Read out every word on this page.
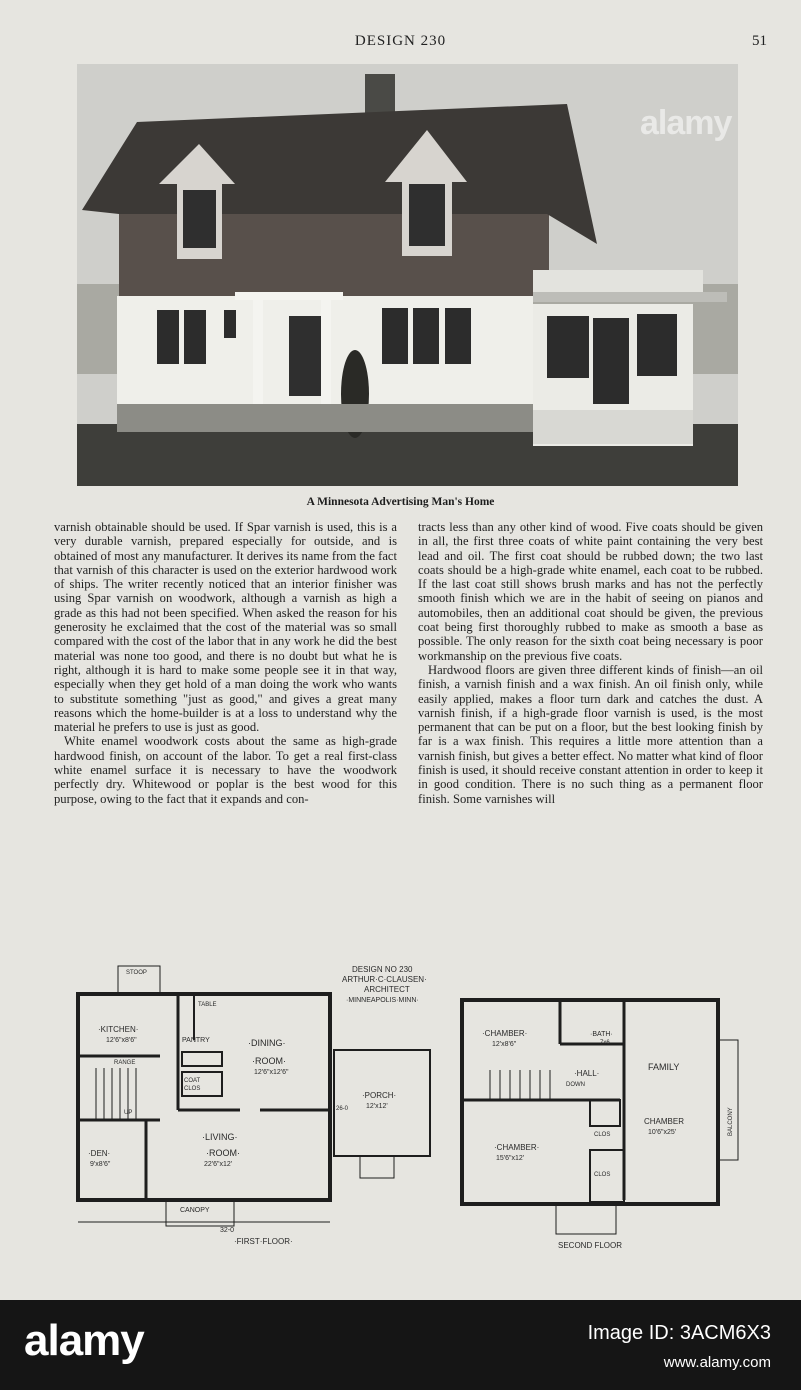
DESIGN 230	51
alamy
A Minnesota Advertising Man's Home

varnish obtainable should be used. If Spar varnish is used, this is a very durable varnish, prepared especially for outside, and is obtained of most any manufacturer. It derives its name from the fact that varnish of this character is used on the exterior hardwood work of ships. The writer recently noticed that an interior finisher was using Spar varnish on woodwork, although a varnish as high a grade as this had not been specified. When asked the reason for his generosity he exclaimed that the cost of the material was so small compared with the cost of the labor that in any work he did the best material was none too good, and there is no doubt but what he is right, although it is hard to make some people see it in that way, especially when they get hold of a man doing the work who wants to substitute something "just as good," and gives a great many reasons which the home-builder is at a loss to understand why the material he prefers to use is just as good.

White enamel woodwork costs about the same as high-grade hardwood finish, on account of the labor. To get a real first-class white enamel surface it is necessary to have the woodwork perfectly dry. Whitewood or poplar is the best wood for this purpose, owing to the fact that it expands and con-

tracts less than any other kind of wood. Five coats should be given in all, the first three coats of white paint containing the very best lead and oil. The first coat should be rubbed down; the two last coats should be a high-grade white enamel, each coat to be rubbed. If the last coat still shows brush marks and has not the perfectly smooth finish which we are in the habit of seeing on pianos and automobiles, then an additional coat should be given, the previous coat being first thoroughly rubbed to make as smooth a base as possible. The only reason for the sixth coat being necessary is poor workmanship on the previous five coats.

Hardwood floors are given three different kinds of finish—an oil finish, a varnish finish and a wax finish. An oil finish only, while easily applied, makes a floor turn dark and catches the dust. A varnish finish, if a high-grade floor varnish is used, is the most permanent that can be put on a floor, but the best looking finish by far is a wax finish. This requires a little more attention than a varnish finish, but gives a better effect. No matter what kind of floor finish is used, it should receive constant attention in order to keep it in good condition. There is no such thing as a permanent floor finish. Some varnishes will

DESIGN NO 230
ARTHUR·C·CLAUSEN·
ARCHITECT
·MINNEAPOLIS·MINN·
STOOP
TABLE
·KITCHEN·
12'6"x8'6"	PANTRY	·DINING·
·ROOM·
12'6"x12'6"
RANGE
COAT
CLOS
UP
·LIVING·
·ROOM·
22'6"x12'
·DEN·
9'x8'6"
·PORCH·
12'x12'
CANOPY
32-0
26-0
·FIRST·FLOOR·
·CHAMBER·
12'x8'6"
·BATH·
7x6
·HALL·
DOWN
FAMILY
CHAMBER
10'6"x25'	BALCONY
CLOS
CLOS
·CHAMBER·
15'6"x12'
SECOND FLOOR
alamy	Image ID: 3ACM6X3
www.alamy.com
